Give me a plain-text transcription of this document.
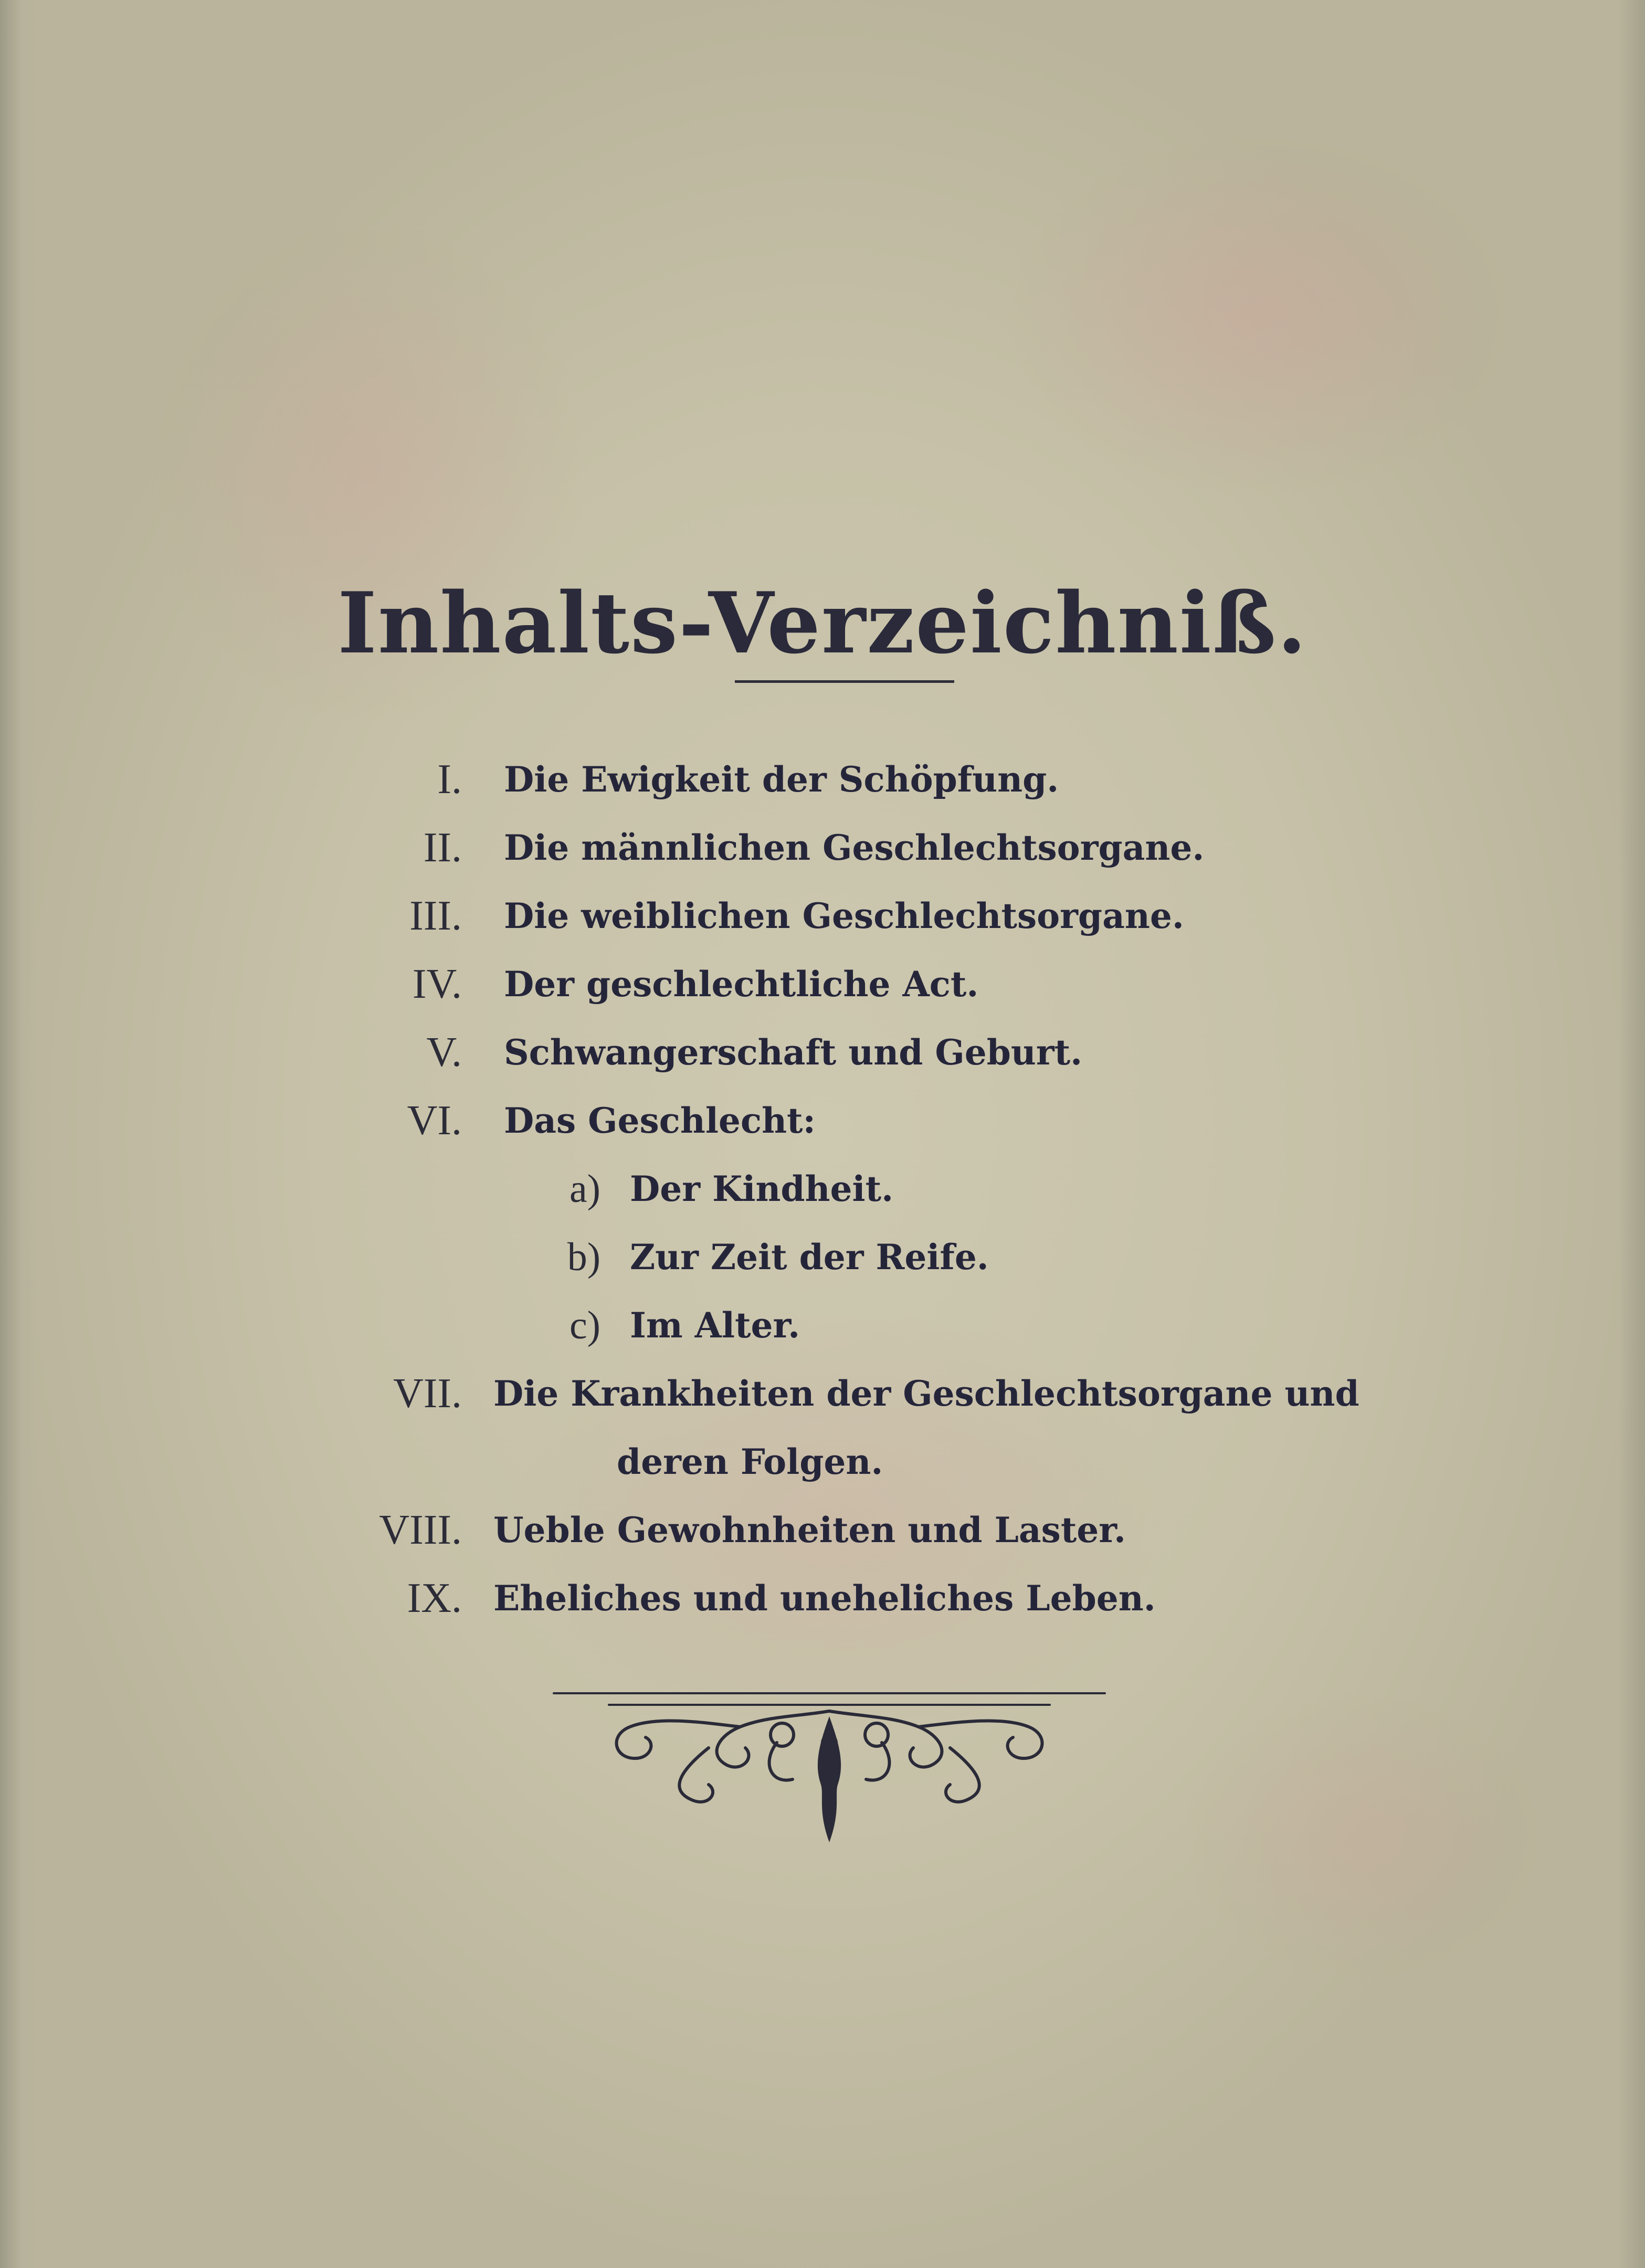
Inhalts-Verzeichniß.
I. Die Ewigkeit der Schöpfung.
II. Die männlichen Geschlechtsorgane.
III. Die weiblichen Geschlechtsorgane.
IV. Der geschlechtliche Act.
V. Schwangerschaft und Geburt.
VI. Das Geschlecht:
a) Der Kindheit.
b) Zur Zeit der Reife.
c) Im Alter.
VII. Die Krankheiten der Geschlechtsorgane und
deren Folgen.
VIII. Ueble Gewohnheiten und Laster.
IX. Eheliches und uneheliches Leben.
